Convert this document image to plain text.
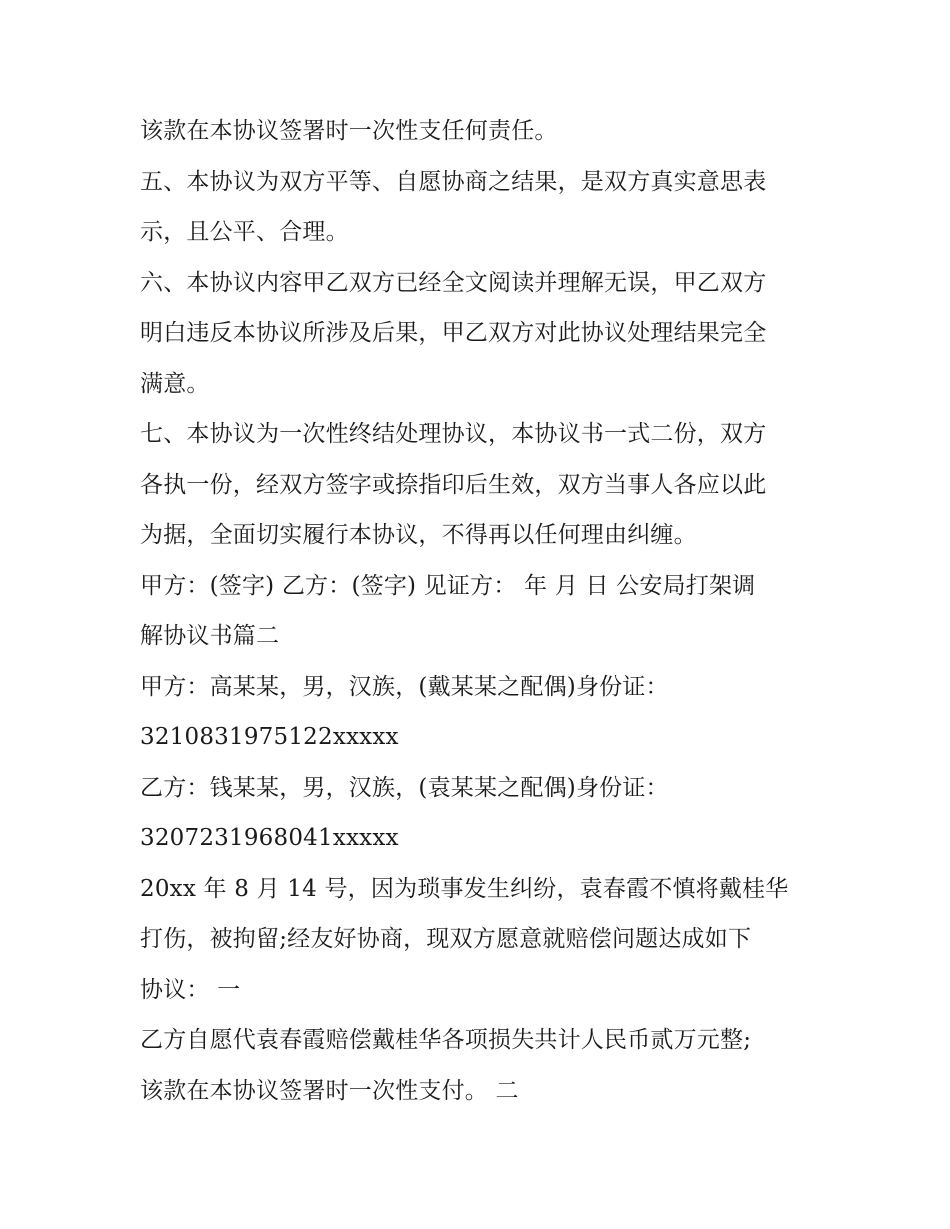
该款在本协议签署时一次性支任何责任。
五、本协议为双方平等、自愿协商之结果，是双方真实意思表
示，且公平、合理。
六、本协议内容甲乙双方已经全文阅读并理解无误，甲乙双方
明白违反本协议所涉及后果，甲乙双方对此协议处理结果完全
满意。
七、本协议为一次性终结处理协议，本协议书一式二份，双方
各执一份，经双方签字或捺指印后生效，双方当事人各应以此
为据，全面切实履行本协议，不得再以任何理由纠缠。
甲方：(签字) 乙方：(签字) 见证方： 年 月 日 公安局打架调
解协议书篇二
甲方：高某某，男，汉族，(戴某某之配偶)身份证：
3210831975122xxxxx
乙方：钱某某，男，汉族，(袁某某之配偶)身份证：
3207231968041xxxxx
20xx 年 8 月 14 号，因为琐事发生纠纷，袁春霞不慎将戴桂华
打伤，被拘留;经友好协商，现双方愿意就赔偿问题达成如下
协议： 一
乙方自愿代袁春霞赔偿戴桂华各项损失共计人民币贰万元整;
该款在本协议签署时一次性支付。 二
